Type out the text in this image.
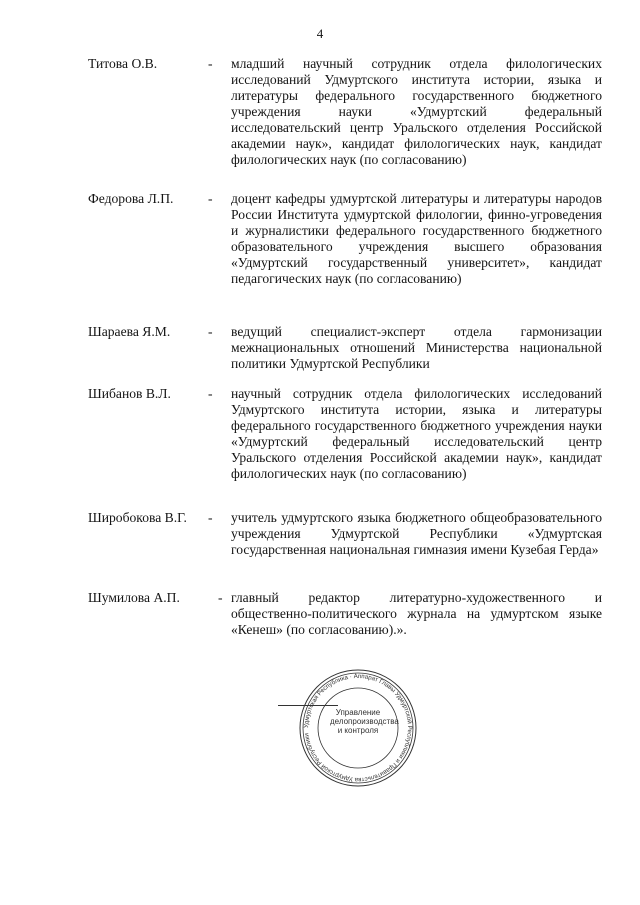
4
Титова О.В.	- младший научный сотрудник отдела филологических исследований Удмуртского института истории, языка и литературы федерального государственного бюджетного учреждения науки «Удмуртский федеральный исследовательский центр Уральского отделения Российской академии наук», кандидат филологических наук, кандидат филологических наук (по согласованию)
Федорова Л.П.	- доцент кафедры удмуртской литературы и литературы народов России Института удмуртской филологии, финно-угроведения и журналистики федерального государственного бюджетного образовательного учреждения высшего образования «Удмуртский государственный университет», кандидат педагогических наук (по согласованию)
Шараева Я.М.	- ведущий специалист-эксперт отдела гармонизации межнациональных отношений Министерства национальной политики Удмуртской Республики
Шибанов В.Л.	- научный сотрудник отдела филологических исследований Удмуртского института истории, языка и литературы федерального государственного бюджетного учреждения науки «Удмуртский федеральный исследовательский центр Уральского отделения Российской академии наук», кандидат филологических наук (по согласованию)
Широбокова В.Г. - учитель удмуртского языка бюджетного общеобразовательного учреждения Удмуртской Республики «Удмуртская государственная национальная гимназия имени Кузебая Герда»
Шумилова А.П.	- главный редактор литературно-художественного и общественно-политического журнала на удмуртском языке «Кенеш» (по согласованию).».
Удмуртская Республика · Аппарат Главы Удмуртской Республики и Правительства Удмуртской Республики
Управление делопроизводства и контроля
